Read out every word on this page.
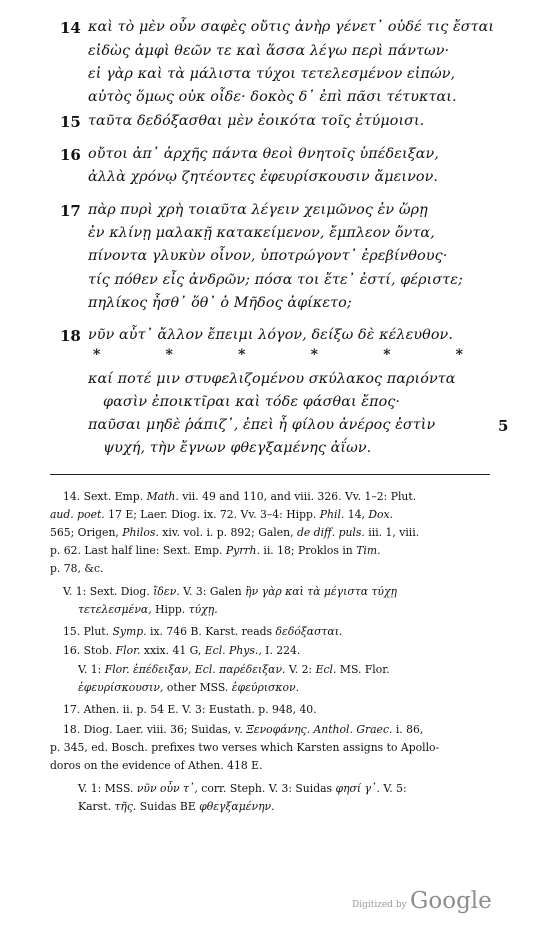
14 καὶ τὸ μὲν οὖν σαφὲς οὔτις ἀνὴρ γένετ᾽ οὐδέ τις ἔσται
εἰδὼς ἀμφὶ θεῶν τε καὶ ἅσσα λέγω περὶ πάντων·
εἰ γὰρ καὶ τὰ μάλιστα τύχοι τετελεσμένον εἰπών,
αὐτὸς ὅμως οὐκ οἶδε· δοκὸς δ᾽ ἐπὶ πᾶσι τέτυκται.
15 ταῦτα δεδόξασθαι μὲν ἐοικότα τοῖς ἐτύμοισι.
16 οὔτοι ἀπ᾽ ἀρχῆς πάντα θεοὶ θνητοῖς ὑπέδειξαν,
ἀλλὰ χρόνῳ ζητέοντες ἐφευρίσκουσιν ἄμεινον.
17 πὰρ πυρὶ χρὴ τοιαῦτα λέγειν χειμῶνος ἐν ὥρῃ
ἐν κλίνῃ μαλακῇ κατακείμενον, ἔμπλεον ὄντα,
πίνοντα γλυκὺν οἶνον, ὑποτρώγοντ᾽ ἐρεβίνθους·
τίς πόθεν εἶς ἀνδρῶν; πόσα τοι ἔτε᾽ ἐστί, φέριστε;
πηλίκος ἦσθ᾽ ὅθ᾽ ὁ Μῆδος ἀφίκετο;
18 νῦν αὖτ᾽ ἄλλον ἔπειμι λόγον, δείξω δὲ κέλευθον.
*	*	*	*	*	*
καί ποτέ μιν στυφελιζομένου σκύλακος παριόντα
φασὶν ἐποικτῖραι καὶ τόδε φάσθαι ἔπος·
παῦσαι μηδὲ ῥάπιζ᾽, ἐπεὶ ἦ φίλου ἀνέρος ἐστὶν	5
ψυχή, τὴν ἔγνων φθεγξαμένης ἀΐων.
14. Sext. Emp. Math. vii. 49 and 110, and viii. 326. Vv. 1–2: Plut.
aud. poet. 17 E; Laer. Diog. ix. 72. Vv. 3–4: Hipp. Phil. 14, Dox.
565; Origen, Philos. xiv. vol. i. p. 892; Galen, de diff. puls. iii. 1, viii.
p. 62. Last half line: Sext. Emp. Pyrrh. ii. 18; Proklos in Tim.
p. 78, &c.
V. 1: Sext. Diog. ἴδεν. V. 3: Galen ἢν γὰρ καὶ τὰ μέγιστα τύχῃ
τετελεσμένα, Hipp. τύχῃ.
15. Plut. Symp. ix. 746 B. Karst. reads δεδόξασται.
16. Stob. Flor. xxix. 41 G, Ecl. Phys., I. 224.
V. 1: Flor. ἐπέδειξαν, Ecl. παρέδειξαν. V. 2: Ecl. MS. Flor.
ἐφευρίσκουσιν, other MSS. ἐφεύρισκον.
17. Athen. ii. p. 54 E. V. 3: Eustath. p. 948, 40.
18. Diog. Laer. viii. 36; Suidas, v. Ξενοφάνης. Anthol. Graec. i. 86,
p. 345, ed. Bosch. prefixes two verses which Karsten assigns to Apollo-
doros on the evidence of Athen. 418 E.
V. 1: MSS. νῦν οὖν τ᾽, corr. Steph. V. 3: Suidas φησί γ᾽. V. 5:
Karst. τῆς. Suidas BE φθεγξαμένην.
Digitized by Google
